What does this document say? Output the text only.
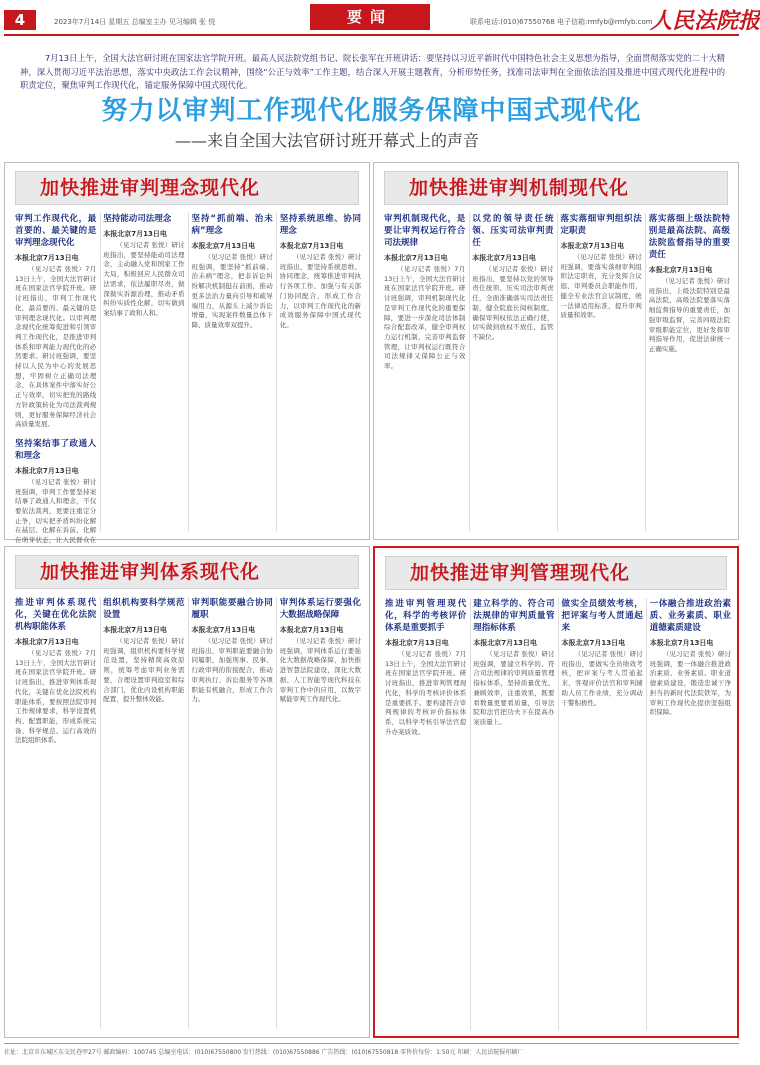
4	2023年7月14日 星期五 总编室主办 见习编辑 张 悦	要闻	联系电话:(010)67550768 电子信箱:rmfyb@rmfyb.com
人民法院报
7月13日上午，全国大法官研讨班在国家法官学院开班。最高人民法院党组书记、院长张军在开班讲话：要坚持以习近平新时代中国特色社会主义思想为指导，全面贯彻落实党的二十大精神，深入贯彻习近平法治思想，落实中央政法工作会议精神，围绕“公正与效率”工作主题，结合深入开展主题教育，分析形势任务，找准司法审判在全面依法治国及推进中国式现代化进程中的职责定位，聚焦审判工作现代化，锚定服务保障中国式现代化。
努力以审判工作现代化服务保障中国式现代化
——来自全国大法官研讨班开幕式上的声音
加快推进审判理念现代化
审判工作现代化，最首要的、最关键的是审判理念现代化
本报北京7月13日电
（见习记者 张悦）7月13日上午，全国大法官研讨班在国家法官学院开班。研讨班指出，审判工作现代化，最首要的、最关键的是审判理念现代化。以审判理念现代化统筹促进和引领审判工作现代化，是推进审判体系和审判能力现代化的必然要求。研讨班强调，要坚持以人民为中心的发展思想，牢固树立正确司法理念，在具体案件中落实好公正与效率，切实把党的路线方针政策转化为司法裁判规则，更好服务保障经济社会高质量发展。
坚持案结事了政通人和理念
本报北京7月13日电
（见习记者 张悦）研讨班强调，审判工作要坚持案结事了政通人和理念，不仅要依法裁判，更要注重定分止争，切实把矛盾纠纷化解在基层、化解在诉前、化解在萌芽状态，让人民群众在
坚持能动司法理念
本报北京7月13日电
（见习记者 张悦）研讨班指出，要坚持能动司法理念，主动融入党和国家工作大局，积极回应人民群众司法需求，依法履职尽责，做深做实诉源治理，推动矛盾纠纷实质性化解，切实做到案结事了政和人和。
坚持“抓前端、治未病”理念
本报北京7月13日电
（见习记者 张悦）研讨班强调，要坚持“抓前端、治未病”理念，把非诉讼纠纷解决机制挺在前面，推动更多法治力量向引导和疏导端用力，从源头上减少诉讼增量，实现案件数量总体下降、质量效率双提升。
坚持系统思维、协同理念
本报北京7月13日电
（见习记者 张悦）研讨班指出，要坚持系统思维、协同理念，统筹推进审判执行各项工作，加强与有关部门协同配合，形成工作合力，以审判工作现代化的新成效服务保障中国式现代化。
加快推进审判机制现代化
审判机制现代化，是要让审判权运行符合司法规律
本报北京7月13日电
（见习记者 张悦）7月13日上午，全国大法官研讨班在国家法官学院开班。研讨班强调，审判机制现代化是审判工作现代化的重要保障，要进一步深化司法体制综合配套改革，健全审判权力运行机制，完善审判监督管理，让审判权运行既符合司法规律又保障公正与效率。
以党的领导责任统领、压实司法审判责任
本报北京7月13日电
（见习记者 张悦）研讨班指出，要坚持以党的领导责任统领、压实司法审判责任，全面准确落实司法责任制，健全院庭长阅核制度，确保审判权依法正确行使，切实做到放权不放任、监管不缺位。
落实落细审判组织法定职责
本报北京7月13日电
（见习记者 张悦）研讨班强调，要落实落细审判组织法定职责，充分发挥合议庭、审判委员会职能作用，健全专业法官会议制度，统一法律适用标准，提升审判质量和效率。
落实落细上级法院特别是最高法院、高级法院监督指导的重要责任
本报北京7月13日电
（见习记者 张悦）研讨班指出，上级法院特别是最高法院、高级法院要落实落细监督指导的重要责任，加强审级监督，完善四级法院审级职能定位，更好发挥审判指导作用，促进法律统一正确实施。
加快推进审判体系现代化
推进审判体系现代化，关键在优化法院机构职能体系
本报北京7月13日电
（见习记者 张悦）7月13日上午，全国大法官研讨班在国家法官学院开班。研讨班指出，推进审判体系现代化，关键在优化法院机构职能体系，要按照法院审判工作规律要求，科学设置机构、配置职能，形成系统完备、科学规范、运行高效的法院组织体系。
组织机构要科学规范设置
本报北京7月13日电
（见习记者 张悦）研讨班强调，组织机构要科学规范设置，坚持精简高效原则，统筹考虑审判业务需要，合理设置审判庭室和综合部门，优化内设机构职能配置，提升整体效能。
审判职能要融合协同履职
本报北京7月13日电
（见习记者 张悦）研讨班指出，审判职能要融合协同履职，加强刑事、民事、行政审判的衔接配合，推动审判执行、诉讼服务等各项职能有机融合，形成工作合力。
审判体系运行要强化大数据战略保障
本报北京7月13日电
（见习记者 张悦）研讨班强调，审判体系运行要强化大数据战略保障，加快推进智慧法院建设，深化大数据、人工智能等现代科技在审判工作中的应用，以数字赋能审判工作现代化。
加快推进审判管理现代化
推进审判管理现代化，科学的考核评价体系是重要抓手
本报北京7月13日电
（见习记者 张悦）7月13日上午，全国大法官研讨班在国家法官学院开班。研讨班指出，推进审判管理现代化，科学的考核评价体系是重要抓手。要构建符合审判规律的考核评价指标体系，以科学考核引导法官提升办案质效。
建立科学的、符合司法规律的审判质量管理指标体系
本报北京7月13日电
（见习记者 张悦）研讨班强调，要建立科学的、符合司法规律的审判质量管理指标体系，坚持质量优先、兼顾效率，注重效果，既要看数量更要看质量，引导法院和法官把功夫下在提高办案质量上。
做实全员绩效考核，把评案与考人贯通起来
本报北京7月13日电
（见习记者 张悦）研讨班指出，要做实全员绩效考核，把评案与考人贯通起来，客观评价法官和审判辅助人员工作业绩，充分调动干警积极性。
一体融合推进政治素质、业务素质、职业道德素质建设
本报北京7月13日电
（见习记者 张悦）研讨班强调，要一体融合推进政治素质、业务素质、职业道德素质建设，锻造忠诚干净担当的新时代法院铁军，为审判工作现代化提供坚强组织保障。
社址：北京市东城区东交民巷甲27号 邮政编码：100745 总编室电话：(010)67550800 发行热线：(010)67550886 广告热线：(010)67550818 零售价每份：1.50元 印刷：人民法院报印刷厂
